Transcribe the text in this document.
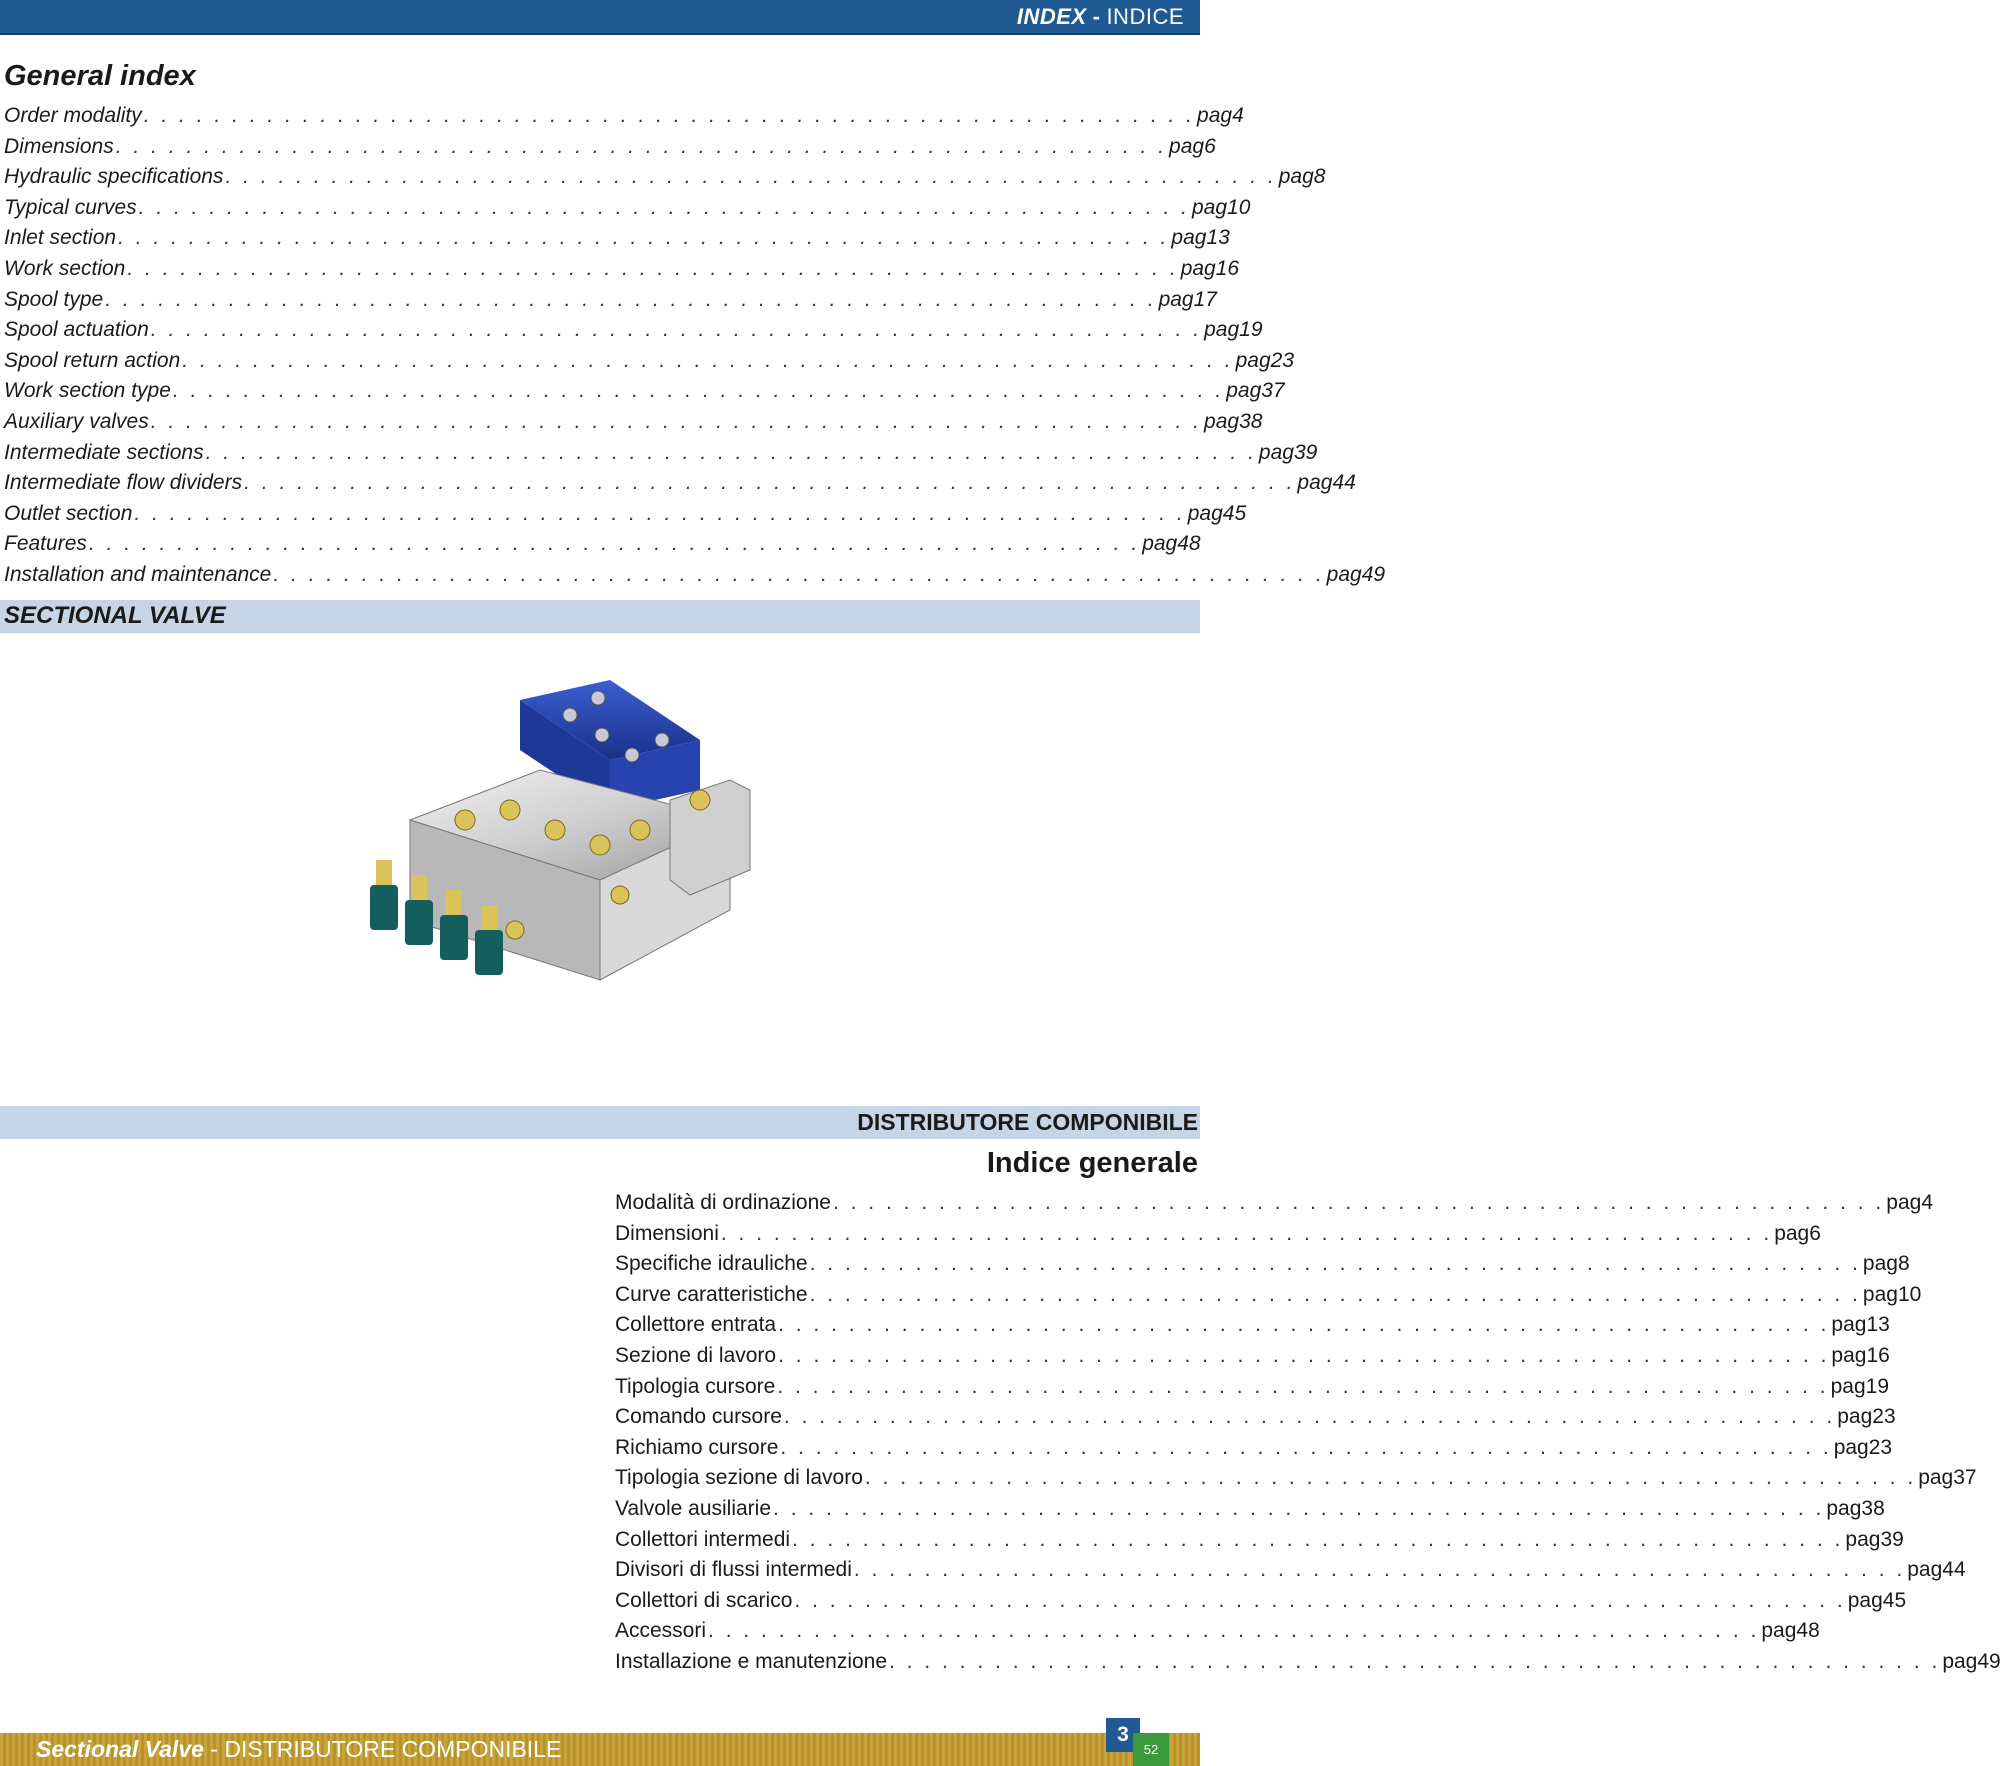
INDEX - INDICE
General index
Order modality . . . . . . . . . . . . . . . . . . . . . . . . . . . . . . . . . . . . . . . . . . . . . . . . . . . . . . . . . . . . pag 4
Dimensions . . . . . . . . . . . . . . . . . . . . . . . . . . . . . . . . . . . . . . . . . . . . . . . . . . . . . . . . . . . . pag 6
Hydraulic specifications . . . . . . . . . . . . . . . . . . . . . . . . . . . . . . . . . . . . . . . . . . . . . . . . . . . . . . . . . . . . pag 8
Typical curves . . . . . . . . . . . . . . . . . . . . . . . . . . . . . . . . . . . . . . . . . . . . . . . . . . . . . . . . . . . . pag 10
Inlet section . . . . . . . . . . . . . . . . . . . . . . . . . . . . . . . . . . . . . . . . . . . . . . . . . . . . . . . . . . . . pag 13
Work section . . . . . . . . . . . . . . . . . . . . . . . . . . . . . . . . . . . . . . . . . . . . . . . . . . . . . . . . . . . . pag 16
Spool type . . . . . . . . . . . . . . . . . . . . . . . . . . . . . . . . . . . . . . . . . . . . . . . . . . . . . . . . . . . . pag 17
Spool actuation . . . . . . . . . . . . . . . . . . . . . . . . . . . . . . . . . . . . . . . . . . . . . . . . . . . . . . . . . . . . pag 19
Spool return action . . . . . . . . . . . . . . . . . . . . . . . . . . . . . . . . . . . . . . . . . . . . . . . . . . . . . . . . . . . . pag 23
Work section type . . . . . . . . . . . . . . . . . . . . . . . . . . . . . . . . . . . . . . . . . . . . . . . . . . . . . . . . . . . . pag 37
Auxiliary valves . . . . . . . . . . . . . . . . . . . . . . . . . . . . . . . . . . . . . . . . . . . . . . . . . . . . . . . . . . . . pag 38
Intermediate sections . . . . . . . . . . . . . . . . . . . . . . . . . . . . . . . . . . . . . . . . . . . . . . . . . . . . . . . . . . . . pag 39
Intermediate flow dividers . . . . . . . . . . . . . . . . . . . . . . . . . . . . . . . . . . . . . . . . . . . . . . . . . . . . . . . . . . . . pag 44
Outlet section . . . . . . . . . . . . . . . . . . . . . . . . . . . . . . . . . . . . . . . . . . . . . . . . . . . . . . . . . . . . pag 45
Features . . . . . . . . . . . . . . . . . . . . . . . . . . . . . . . . . . . . . . . . . . . . . . . . . . . . . . . . . . . . pag 48
Installation and maintenance . . . . . . . . . . . . . . . . . . . . . . . . . . . . . . . . . . . . . . . . . . . . . . . . . . . . . . . . . . . . pag 49
SECTIONAL VALVE
DISTRIBUTORE COMPONIBILE
Indice generale
Modalità di ordinazione . . . . . . . . . . . . . . . . . . . . . . . . . . . . . . . . . . . . . . . . . . . . . . . . . . . . . . . . . . . . pag 4
Dimensioni . . . . . . . . . . . . . . . . . . . . . . . . . . . . . . . . . . . . . . . . . . . . . . . . . . . . . . . . . . . . pag 6
Specifiche idrauliche . . . . . . . . . . . . . . . . . . . . . . . . . . . . . . . . . . . . . . . . . . . . . . . . . . . . . . . . . . . . pag 8
Curve caratteristiche . . . . . . . . . . . . . . . . . . . . . . . . . . . . . . . . . . . . . . . . . . . . . . . . . . . . . . . . . . . . pag 10
Collettore entrata . . . . . . . . . . . . . . . . . . . . . . . . . . . . . . . . . . . . . . . . . . . . . . . . . . . . . . . . . . . . pag 13
Sezione di lavoro . . . . . . . . . . . . . . . . . . . . . . . . . . . . . . . . . . . . . . . . . . . . . . . . . . . . . . . . . . . . pag 16
Tipologia cursore . . . . . . . . . . . . . . . . . . . . . . . . . . . . . . . . . . . . . . . . . . . . . . . . . . . . . . . . . . . . pag 19
Comando cursore . . . . . . . . . . . . . . . . . . . . . . . . . . . . . . . . . . . . . . . . . . . . . . . . . . . . . . . . . . . . pag 23
Richiamo cursore . . . . . . . . . . . . . . . . . . . . . . . . . . . . . . . . . . . . . . . . . . . . . . . . . . . . . . . . . . . . pag 23
Tipologia sezione di lavoro . . . . . . . . . . . . . . . . . . . . . . . . . . . . . . . . . . . . . . . . . . . . . . . . . . . . . . . . . . . . pag 37
Valvole ausiliarie . . . . . . . . . . . . . . . . . . . . . . . . . . . . . . . . . . . . . . . . . . . . . . . . . . . . . . . . . . . . pag 38
Collettori intermedi . . . . . . . . . . . . . . . . . . . . . . . . . . . . . . . . . . . . . . . . . . . . . . . . . . . . . . . . . . . . pag 39
Divisori di flussi intermedi . . . . . . . . . . . . . . . . . . . . . . . . . . . . . . . . . . . . . . . . . . . . . . . . . . . . . . . . . . . . pag 44
Collettori di scarico . . . . . . . . . . . . . . . . . . . . . . . . . . . . . . . . . . . . . . . . . . . . . . . . . . . . . . . . . . . . pag 45
Accessori . . . . . . . . . . . . . . . . . . . . . . . . . . . . . . . . . . . . . . . . . . . . . . . . . . . . . . . . . . . . pag 48
Installazione e manutenzione . . . . . . . . . . . . . . . . . . . . . . . . . . . . . . . . . . . . . . . . . . . . . . . . . . . . . . . . . . . . pag 49
Sectional Valve - DISTRIBUTORE COMPONIBILE
3
52
